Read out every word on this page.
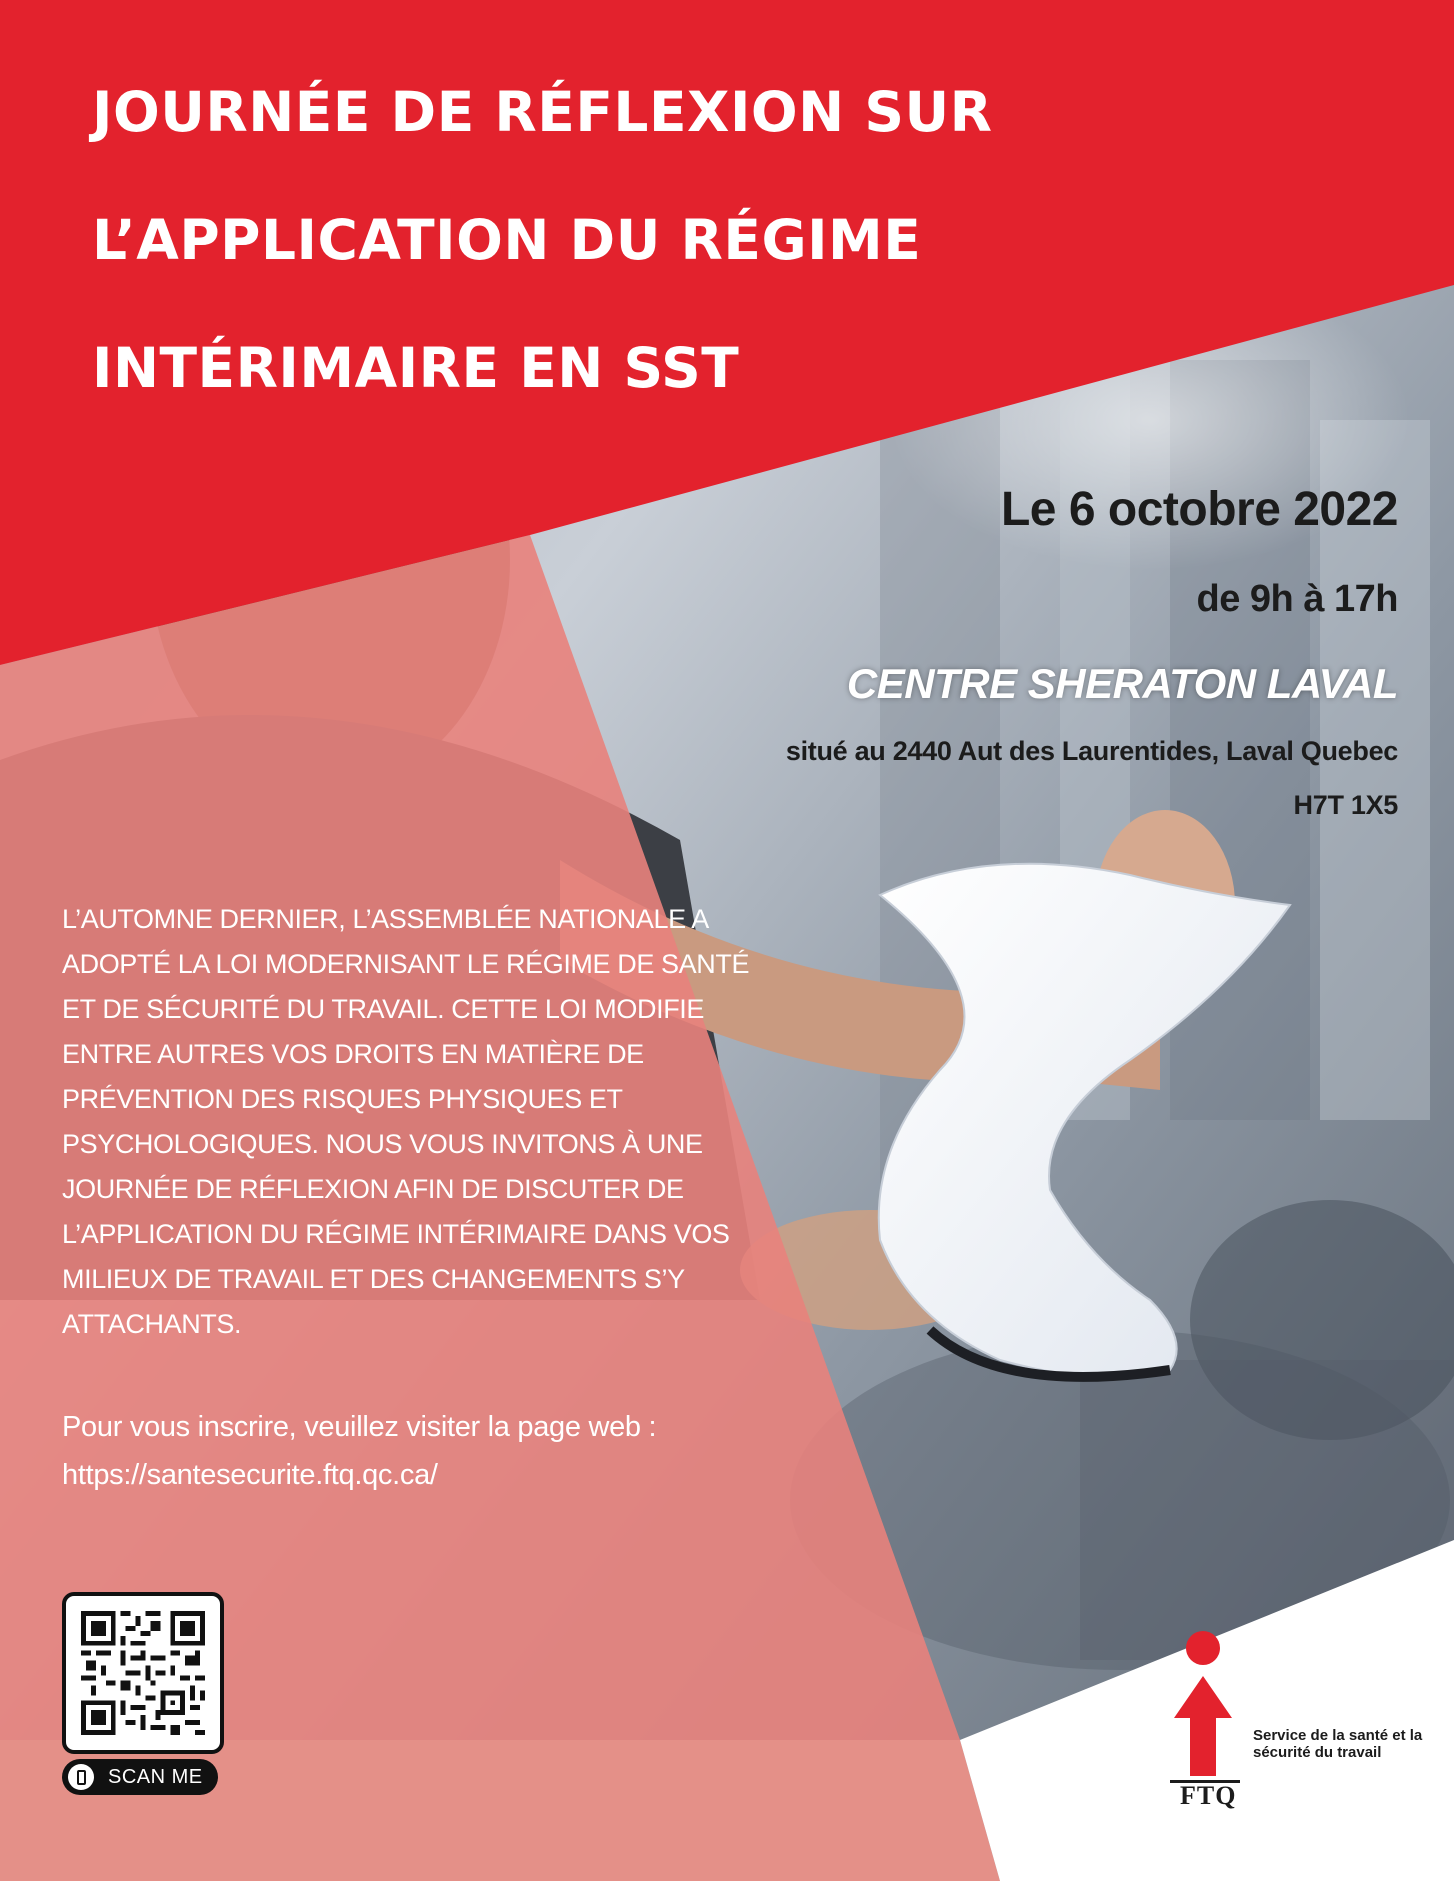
JOURNÉE DE RÉFLEXION SUR

L’APPLICATION DU RÉGIME

INTÉRIMAIRE EN SST

Le 6 octobre 2022

de 9h à 17h

CENTRE SHERATON LAVAL

situé au 2440 Aut des Laurentides, Laval Quebec

H7T 1X5

L’AUTOMNE DERNIER, L’ASSEMBLÉE NATIONALE A ADOPTÉ LA LOI MODERNISANT LE RÉGIME DE SANTÉ ET DE SÉCURITÉ DU TRAVAIL. CETTE LOI MODIFIE ENTRE AUTRES VOS DROITS EN MATIÈRE DE PRÉVENTION DES RISQUES PHYSIQUES ET PSYCHOLOGIQUES. NOUS VOUS INVITONS À UNE JOURNÉE DE RÉFLEXION AFIN DE DISCUTER DE L’APPLICATION DU RÉGIME INTÉRIMAIRE DANS VOS MILIEUX DE TRAVAIL ET DES CHANGEMENTS S’Y ATTACHANTS.

Pour vous inscrire, veuillez visiter la page web : https://santesecurite.ftq.qc.ca/

SCAN ME

Service de la santé et la sécurité du travail

FTQ
